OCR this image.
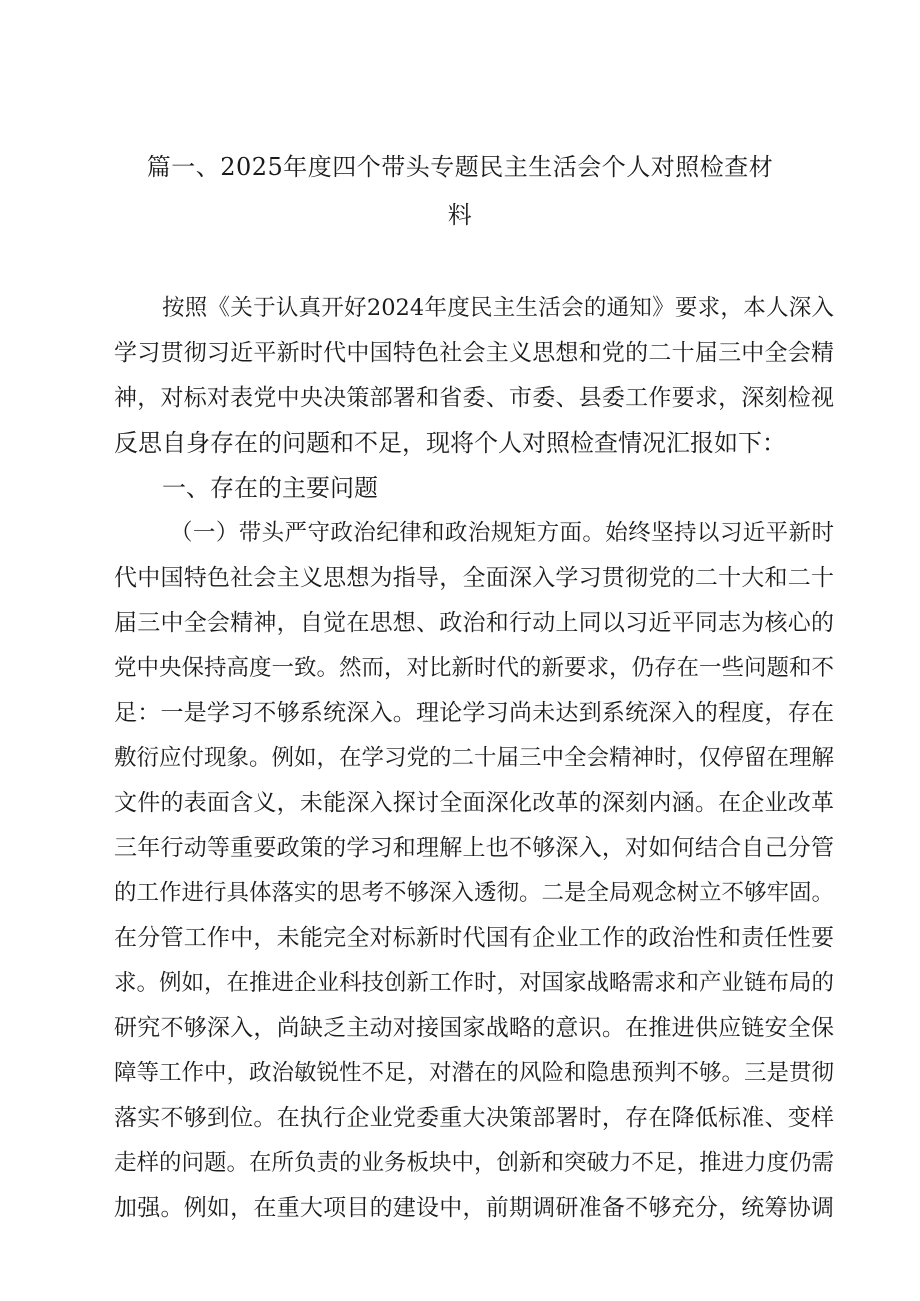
篇一、2025年度四个带头专题民主生活会个人对照检查材
料
按照《关于认真开好2024年度民主生活会的通知》要求，本人深入
学习贯彻习近平新时代中国特色社会主义思想和党的二十届三中全会精
神，对标对表党中央决策部署和省委、市委、县委工作要求，深刻检视
反思自身存在的问题和不足，现将个人对照检查情况汇报如下：
一、存在的主要问题
（一）带头严守政治纪律和政治规矩方面。始终坚持以习近平新时
代中国特色社会主义思想为指导，全面深入学习贯彻党的二十大和二十
届三中全会精神，自觉在思想、政治和行动上同以习近平同志为核心的
党中央保持高度一致。然而，对比新时代的新要求，仍存在一些问题和不
足：一是学习不够系统深入。理论学习尚未达到系统深入的程度，存在
敷衍应付现象。例如，在学习党的二十届三中全会精神时，仅停留在理解
文件的表面含义，未能深入探讨全面深化改革的深刻内涵。在企业改革
三年行动等重要政策的学习和理解上也不够深入，对如何结合自己分管
的工作进行具体落实的思考不够深入透彻。二是全局观念树立不够牢固。
在分管工作中，未能完全对标新时代国有企业工作的政治性和责任性要
求。例如，在推进企业科技创新工作时，对国家战略需求和产业链布局的
研究不够深入，尚缺乏主动对接国家战略的意识。在推进供应链安全保
障等工作中，政治敏锐性不足，对潜在的风险和隐患预判不够。三是贯彻
落实不够到位。在执行企业党委重大决策部署时，存在降低标准、变样
走样的问题。在所负责的业务板块中，创新和突破力不足，推进力度仍需
加强。例如，在重大项目的建设中，前期调研准备不够充分，统筹协调
